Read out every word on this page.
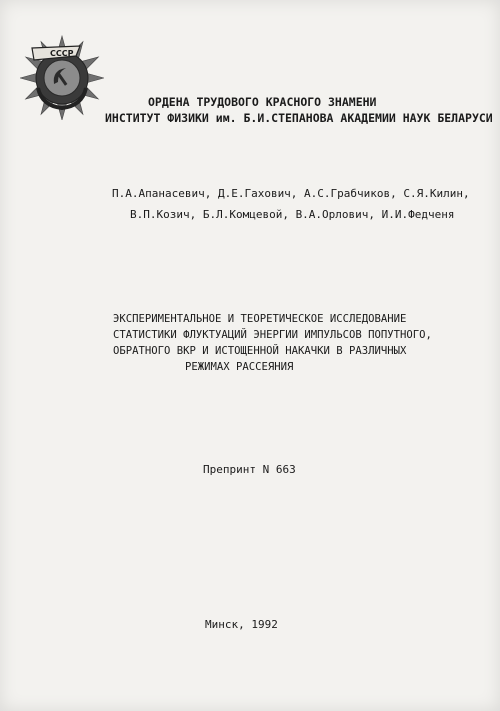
СССР
ОРДЕНА ТРУДОВОГО КРАСНОГО ЗНАМЕНИ
ИНСТИТУТ ФИЗИКИ им. Б.И.СТЕПАНОВА АКАДЕМИИ НАУК БЕЛАРУСИ
П.А.Апанасевич, Д.Е.Гахович, А.С.Грабчиков, С.Я.Килин,
В.П.Козич, Б.Л.Комцевой, В.А.Орлович, И.И.Федченя
ЭКСПЕРИМЕНТАЛЬНОЕ И ТЕОРЕТИЧЕСКОЕ ИССЛЕДОВАНИЕ
СТАТИСТИКИ ФЛУКТУАЦИЙ ЭНЕРГИИ ИМПУЛЬСОВ ПОПУТНОГО,
ОБРАТНОГО ВКР И ИСТОЩЕННОЙ НАКАЧКИ В РАЗЛИЧНЫХ
РЕЖИМАХ РАССЕЯНИЯ
Препринт N 663
Минск, 1992
